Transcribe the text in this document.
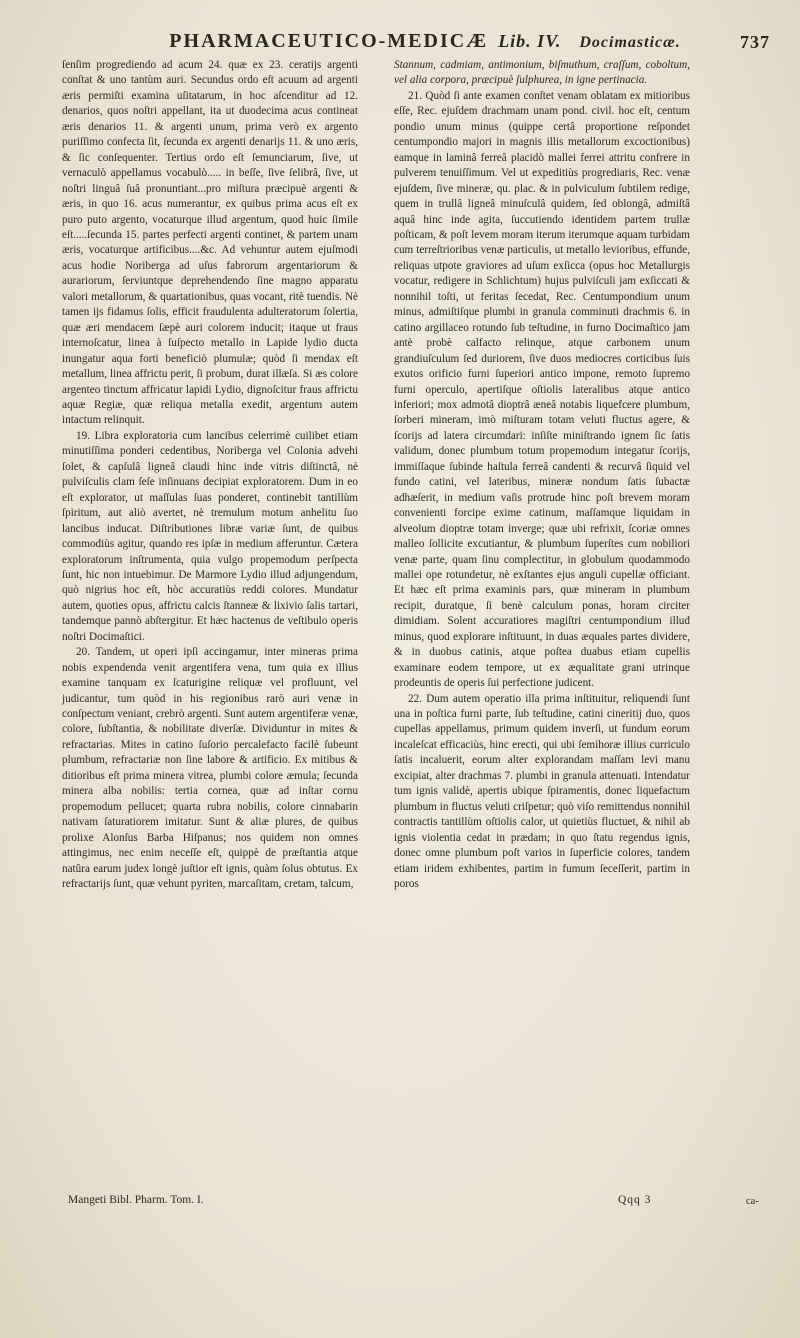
PHARMACEUTICO-MEDICÆ Lib. IV. Docimasticæ.	737

ſenſim progrediendo ad acum 24. quæ ex 23. ceratijs argenti conſtat & uno tantùm auri. Secundus ordo eſt acuum ad argenti æris permiſti examina uſitatarum, in hoc aſcenditur ad 12. denarios, quos noſtri appellant, ita ut duodecima acus contineat æris denarios 11. & argenti unum, prima verò ex argento puriſſimo confecta ſit, ſecunda ex argenti denarijs 11. & uno æris, & ſic conſequenter. Tertius ordo eſt ſemunciarum, ſive, ut vernaculò appellamus vocabulò..... in beſſe, ſive ſelibrâ, ſive, ut noſtri linguâ ſuâ pronuntiant...pro miſtura præcipuè argenti & æris, in quo 16. acus numerantur, ex quibus prima acus eſt ex puro puto argento, vocaturque illud argentum, quod huic ſimile eſt.....ſecunda 15. partes perfecti argenti continet, & partem unam æris, vocaturque artificibus....&c. Ad vehuntur autem ejuſmodi acus hodie Noriberga ad uſus fabrorum argentariorum & aurariorum, ſerviuntque deprehendendo ſine magno apparatu valori metallorum, & quartationibus, quas vocant, ritè tuendis. Nè tamen ijs fidamus ſolis, efficit fraudulenta adulteratorum ſolertia, quæ æri mendacem ſæpè auri colorem inducit; itaque ut fraus internoſcatur, linea à ſuſpecto metallo in Lapide lydio ducta inungatur aqua forti beneficiò plumulæ; quòd ſi mendax eſt metallum, linea affrictu perit, ſi probum, durat illæſa. Si æs colore argenteo tinctum affricatur lapidi Lydio, dignoſcitur fraus affrictu aquæ Regiæ, quæ reliqua metalla exedit, argentum autem intactum relinquit.

19. Libra exploratoria cum lancibus celerrimè cuilibet etiam minutiſſima ponderi cedentibus, Noriberga vel Colonia advehi ſolet, & capſulâ ligneâ claudi hinc inde vitris diſtinctâ, nè pulviſculis clam ſeſe inſinuans decipiat exploratorem. Dum in eo eſt explorator, ut maſſulas ſuas ponderet, continebit tantillùm ſpiritum, aut aliò avertet, nè tremulum motum anhelitu ſuo lancibus inducat. Diſtributiones libræ variæ ſunt, de quibus commodiùs agitur, quando res ipſæ in medium afferuntur. Cætera exploratorum inſtrumenta, quia vulgo propemodum perſpecta ſunt, hic non intuebimur. De Marmore Lydio illud adjungendum, quò nigrius hoc eſt, hòc accuratiùs reddi colores. Mundatur autem, quoties opus, affrictu calcis ſtanneæ & lixivio ſalis tartari, tandemque pannò abſtergitur. Et hæc hactenus de veſtibulo operis noſtri Docimaſtici.

20. Tandem, ut operi ipſi accingamur, inter mineras prima nobis expendenda venit argentifera vena, tum quia ex illius examine tanquam ex ſcaturigine reliquæ vel profluunt, vel judicantur, tum quòd in his regionibus rarò auri venæ in conſpectum veniant, crebrò argenti. Sunt autem argentiferæ venæ, colore, ſubſtantia, & nobilitate diverſæ. Dividuntur in mites & refractarias. Mites in catino ſuſorio percalefacto facilè ſubeunt plumbum, refractariæ non ſine labore & artificio. Ex mitibus & ditioribus eſt prima minera vitrea, plumbi colore æmula; ſecunda minera alba nobilis: tertia cornea, quæ ad inſtar cornu propemodum pellucet; quarta rubra nobilis, colore cinnabarin nativam ſaturatiorem imitatur. Sunt & aliæ plures, de quibus prolixe Alonſus Barba Hiſpanus; nos quidem non omnes attingimus, nec enim neceſſe eſt, quippè de præſtantia atque natûra earum judex longè juſtior eſt ignis, quàm ſolus obtutus. Ex refractarijs ſunt, quæ vehunt pyriten, marcaſitam, cretam, talcum,

Stannum, cadmiam, antimonium, biſmuthum, craſſum, coboltum, vel alia corpora, præcipuè ſulphurea, in igne pertinacia.

21. Quòd ſi ante examen conſtet venam oblatam ex mitioribus eſſe, Rec. ejuſdem drachmam unam pond. civil. hoc eſt, centum pondio unum minus (quippe certâ proportione reſpondet centumpondio majori in magnis illis metallorum excoctionibus) eamque in laminâ ferreâ placidò mallei ferrei attritu confrere in pulverem tenuiſſimum. Vel ut expeditiùs progrediaris, Rec. venæ ejuſdem, ſive mineræ, qu. plac. & in pulviculum ſubtilem redige, quem in trullâ ligneâ minuſculâ quidem, ſed oblongâ, admiſtâ aquâ hinc inde agita, ſuccutiendo identidem partem trullæ poſticam, & poſt levem moram iterum iterumque aquam turbidam cum terreſtrioribus venæ particulis, ut metallo levioribus, effunde, reliquas utpote graviores ad uſum exſicca (opus hoc Metallurgis vocatur, redigere in Schlichtum) hujus pulviſculi jam exſiccati & nonnihil toſti, ut feritas ſecedat, Rec. Centumpondium unum minus, admiſtiſque plumbi in granula comminuti drachmis 6. in catino argillaceo rotundo ſub teſtudine, in furno Docimaſtico jam antè probè calfacto relinque, atque carbonem unum grandiuſculum ſed duriorem, ſive duos mediocres corticibus ſuis exutos orificio furni ſuperiori antico impone, remoto ſupremo furni operculo, apertiſque oſtiolis lateralibus atque antico inferiori; mox admotâ dioptrâ æneâ notabis liquefcere plumbum, ſorberi mineram, imò miſturam totam veluti fluctus agere, & ſcorijs ad latera circumdari: inſiſte miniſtrando ignem ſic ſatis validum, donec plumbum totum propemodum integatur ſcorijs, immiſſaque ſubinde haſtula ferreâ candenti & recurvâ ſiquid vel fundo catini, vel lateribus, mineræ nondum ſatis ſubactæ adhæſerit, in medium vaſis protrude hinc poſt brevem moram convenienti forcipe exime catinum, maſſamque liquidam in alveolum dioptræ totam inverge; quæ ubi refrixit, ſcoriæ omnes malleo ſollicite excutiantur, & plumbum ſuperſtes cum nobiliori venæ parte, quam ſinu complectitur, in globulum quodammodo mallei ope rotundetur, nè exſtantes ejus anguli cupellæ officiant. Et hæc eſt prima examinis pars, quæ mineram in plumbum recipit, duratque, ſi benè calculum ponas, horam circiter dimidiam. Solent accuratiores magiſtri centumpondium illud minus, quod explorare inſtituunt, in duas æquales partes dividere, & in duobus catinis, atque poſtea duabus etiam cupellis examinare eodem tempore, ut ex æqualitate grani utrinque prodeuntis de operis ſui perfectione judicent.

22. Dum autem operatio illa prima inſtituitur, reliquendi ſunt una in poſtica furni parte, ſub teſtudine, catini cineritij duo, quos cupellas appellamus, primum quidem inverſi, ut fundum eorum incaleſcat efficaciùs, hinc erecti, qui ubi ſemihoræ illius curriculo ſatis incaluerit, eorum alter explorandam maſſam levi manu excipiat, alter drachmas 7. plumbi in granula attenuati. Intendatur tum ignis validè, apertis ubique ſpiramentis, donec liquefactum plumbum in fluctus veluti criſpetur; quò viſo remittendus nonnihil contractis tantillùm oſtiolis calor, ut quietiùs fluctuet, & nihil ab ignis violentia cedat in prædam; in quo ſtatu regendus ignis, donec omne plumbum poſt varios in ſuperficie colores, tandem etiam iridem exhibentes, partim in fumum ſeceſſerit, partim in poros

Mangeti Bibl. Pharm. Tom. I.	Qqq 3	ca-
